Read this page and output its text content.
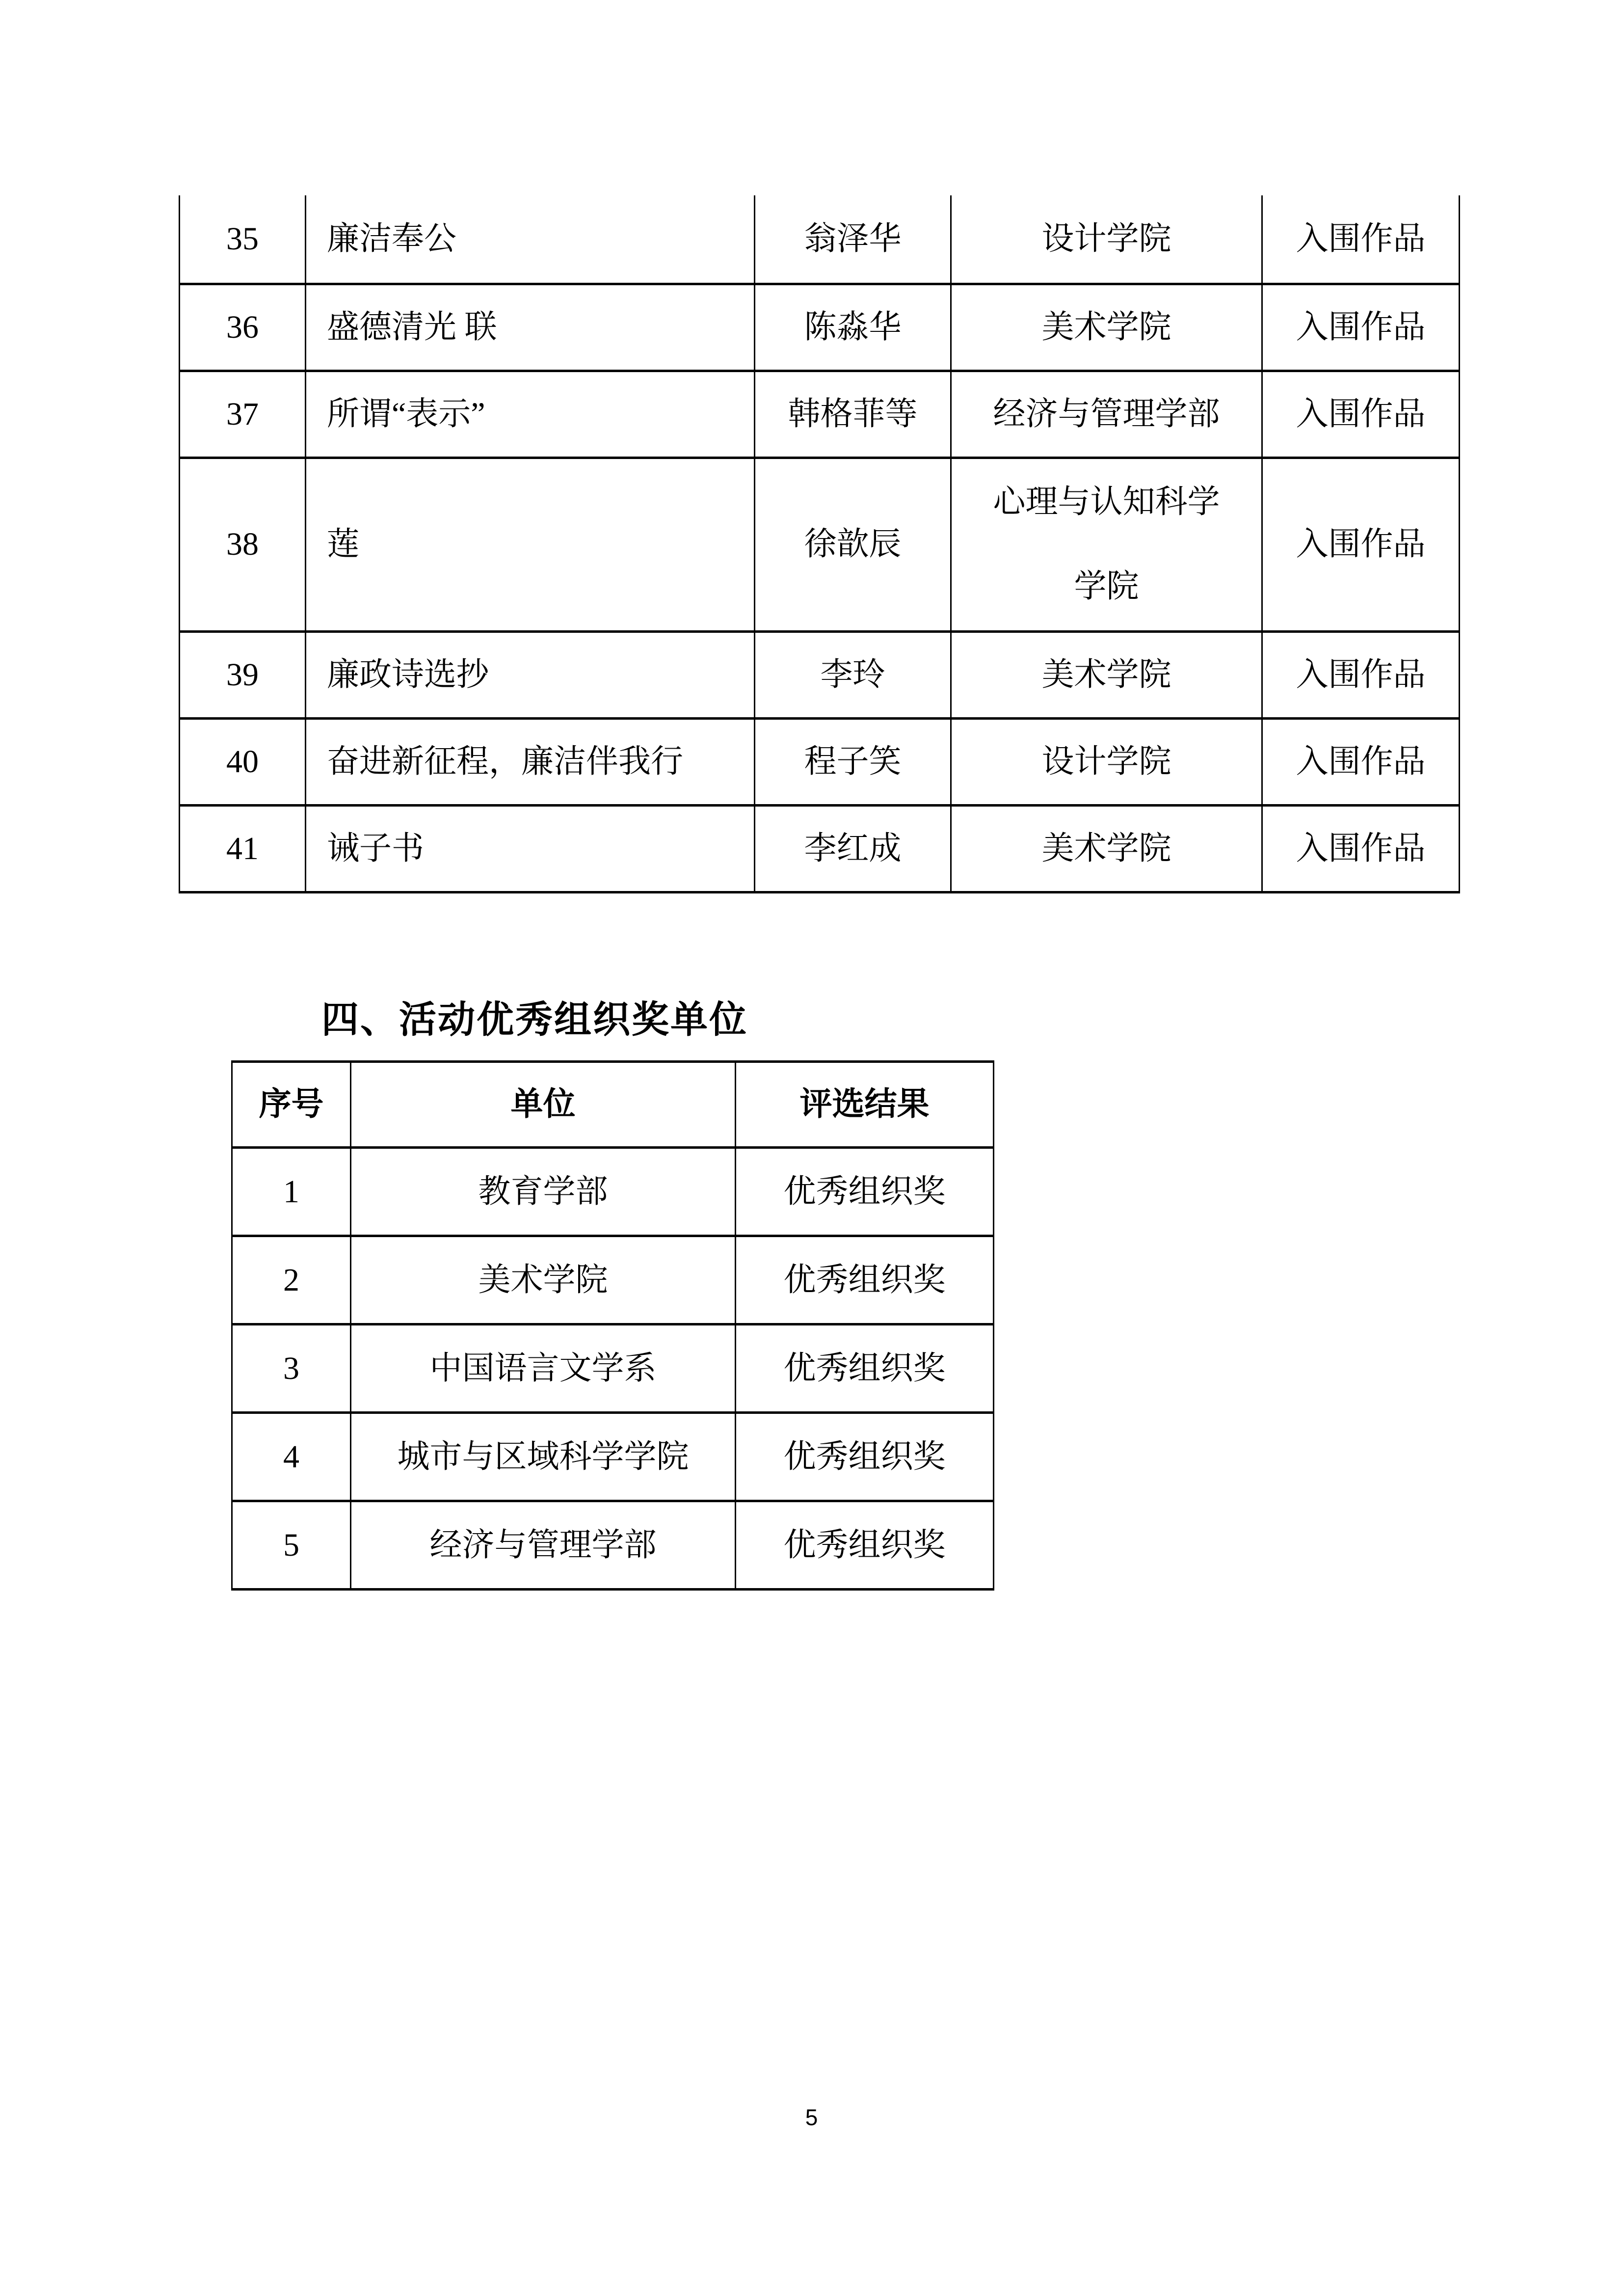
35	廉洁奉公	翁泽华	设计学院	入围作品
36	盛德清光 联	陈淼华	美术学院	入围作品
37	所谓“表示”	韩格菲等	经济与管理学部	入围作品
38	莲	徐歆辰	心理与认知科学学院	入围作品
39	廉政诗选抄	李玲	美术学院	入围作品
40	奋进新征程，廉洁伴我行	程子笑	设计学院	入围作品
41	诫子书	李红成	美术学院	入围作品
四、活动优秀组织奖单位
序号	单位	评选结果
1	教育学部	优秀组织奖
2	美术学院	优秀组织奖
3	中国语言文学系	优秀组织奖
4	城市与区域科学学院	优秀组织奖
5	经济与管理学部	优秀组织奖
5
